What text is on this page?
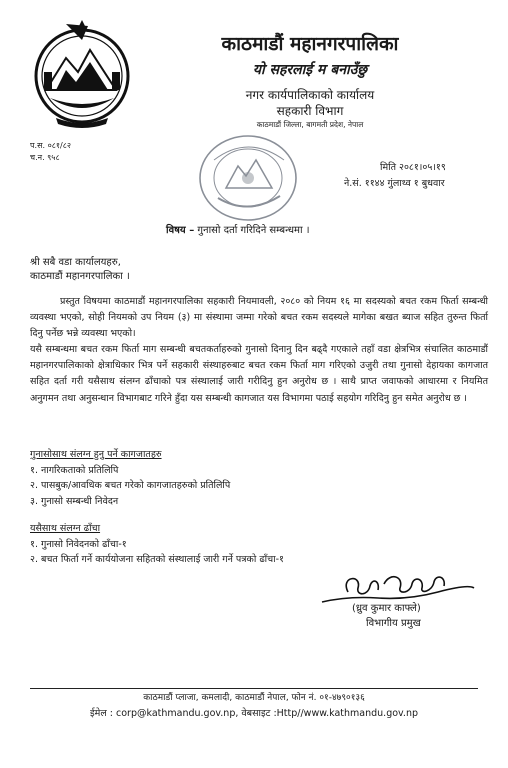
काठमाडौं महानगरपालिका
यो सहरलाई म बनाउँछु
नगर कार्यपालिकाको कार्यालय
सहकारी विभाग
काठमाडौं जिल्ला, बागमती प्रदेश, नेपाल
प.स. ०८१/८२
च.न. ९५८
मिति २०८१।०५।१९
ने.सं. ११४४ गुंलाथ्व १ बुधवार
विषय – गुनासो दर्ता गरिदिने सम्बन्धमा ।
श्री सबै वडा कार्यालयहरु,
काठमाडौं महानगरपालिका ।
प्रस्तुत विषयमा काठमाडौं महानगरपालिका सहकारी नियमावली, २०८० को नियम १६ मा सदस्यको बचत रकम फिर्ता सम्बन्धी व्यवस्था भएको, सोही नियमको उप नियम (३) मा संस्थामा जम्मा गरेको बचत रकम सदस्यले मागेका बखत ब्याज सहित तुरुन्त फिर्ता दिनु पर्नेछ भन्ने व्यवस्था भएको।
यसै सम्बन्धमा बचत रकम फिर्ता माग सम्बन्धी बचतकर्ताहरुको गुनासो दिनानु दिन बढ्दै गएकाले तहाँ वडा क्षेत्रभित्र संचालित काठमाडौं महानगरपालिकाको क्षेत्राधिकार भित्र पर्ने सहकारी संस्थाहरुबाट बचत रकम फिर्ता माग गरिएको उजुरी तथा गुनासो देहायका कागजात सहित दर्ता गरी यसैसाथ संलग्न ढाँचाको पत्र संस्थालाई जारी गरीदिनु हुन अनुरोध छ । साथै प्राप्त जवाफको आधारमा र नियमित अनुगमन तथा अनुसन्धान विभागबाट गरिने हुँदा यस सम्बन्धी कागजात यस विभागमा पठाई सहयोग गरिदिनु हुन समेत अनुरोध छ ।
गुनासोसाथ संलग्न हुनु पर्ने कागजातहरु
१. नागरिकताको प्रतिलिपि
२. पासबुक/आवधिक बचत गरेको कागजातहरुको प्रतिलिपि
३. गुनासो सम्बन्धी निवेदन
यसैसाथ संलग्न ढाँचा
१. गुनासो निवेदनको ढाँचा-१
२. बचत फिर्ता गर्ने कार्ययोजना सहितको संस्थालाई जारी गर्ने पत्रको ढाँचा-१
(ध्रुव कुमार काफ्ले)
विभागीय प्रमुख
काठमाडौं प्लाजा, कमलादी, काठमाडौं नेपाल, फोन नं. ०१-४७९०१३६
ईमेल : corp@kathmandu.gov.np, वेबसाइट :Http//www.kathmandu.gov.np
